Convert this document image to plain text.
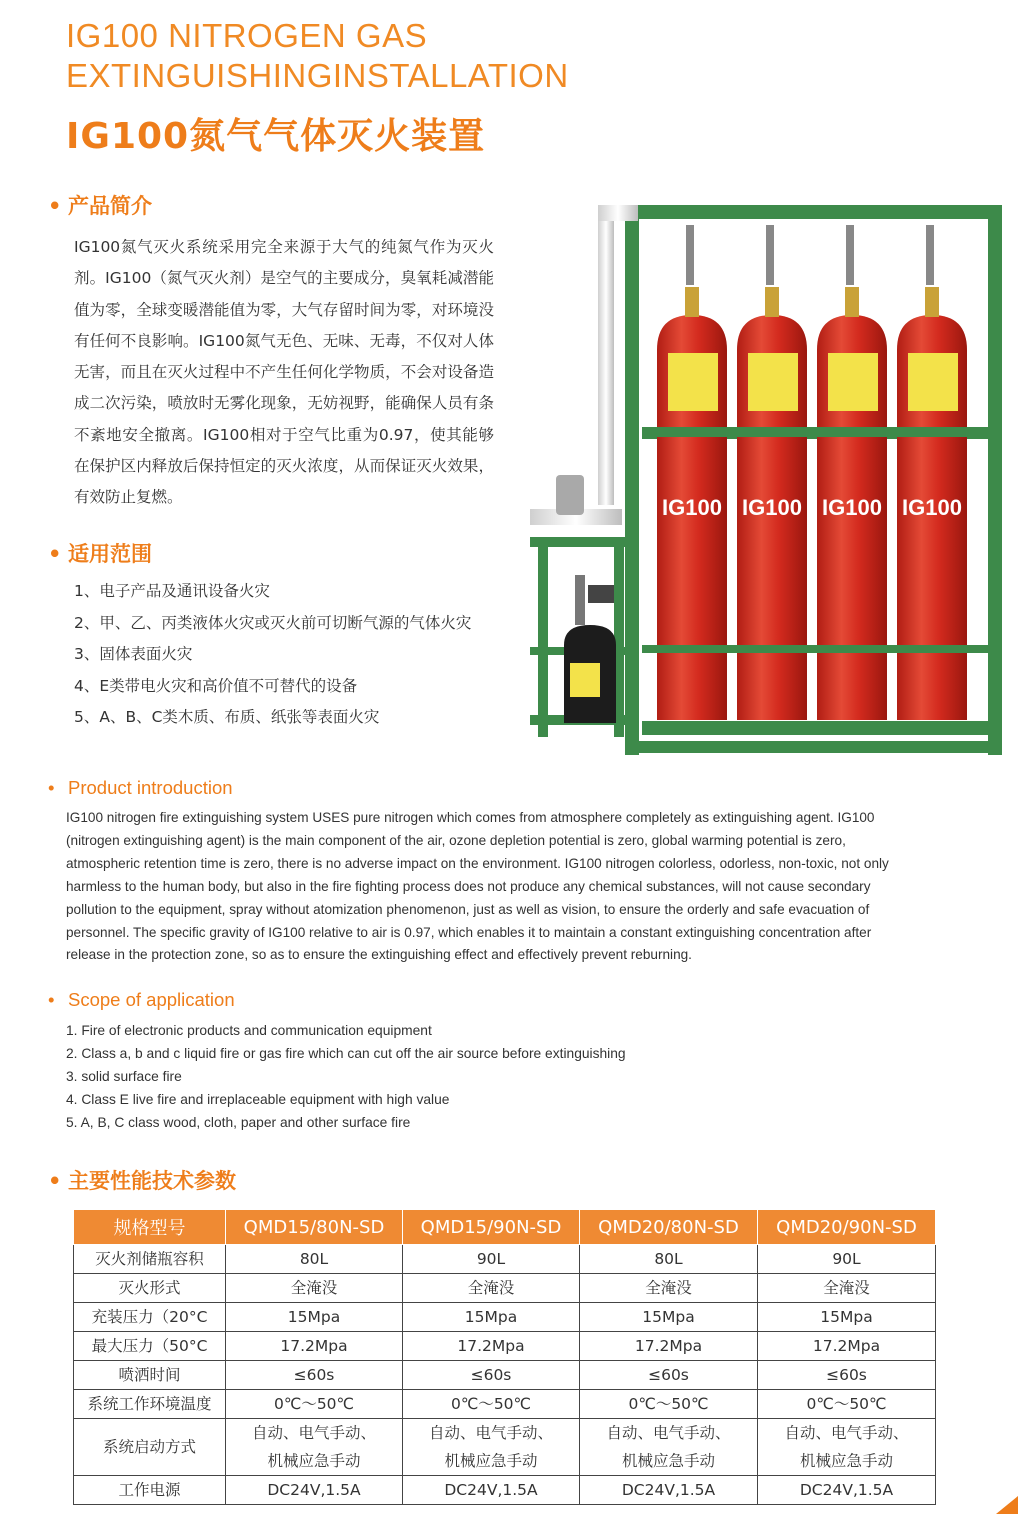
IG100 NITROGEN GAS
EXTINGUISHINGINSTALLATION
IG100氮气气体灭火装置
• 产品简介
IG100氮气灭火系统采用完全来源于大气的纯氮气作为灭火剂。IG100（氮气灭火剂）是空气的主要成分，臭氧耗减潜能值为零，全球变暖潜能值为零，大气存留时间为零，对环境没有任何不良影响。IG100氮气无色、无味、无毒，不仅对人体无害，而且在灭火过程中不产生任何化学物质，不会对设备造成二次污染，喷放时无雾化现象，无妨视野，能确保人员有条不紊地安全撤离。IG100相对于空气比重为0.97，使其能够在保护区内释放后保持恒定的灭火浓度，从而保证灭火效果，有效防止复燃。
• 适用范围
1、电子产品及通讯设备火灾
2、甲、乙、丙类液体火灾或灭火前可切断气源的气体火灾
3、固体表面火灾
4、E类带电火灾和高价值不可替代的设备
5、A、B、C类木质、布质、纸张等表面火灾
IG100 IG100 IG100 IG100
• Product introduction
IG100 nitrogen fire extinguishing system USES pure nitrogen which comes from atmosphere completely as extinguishing agent. IG100 (nitrogen extinguishing agent) is the main component of the air, ozone depletion potential is zero, global warming potential is zero, atmospheric retention time is zero, there is no adverse impact on the environment. IG100 nitrogen colorless, odorless, non-toxic, not only harmless to the human body, but also in the fire fighting process does not produce any chemical substances, will not cause secondary pollution to the equipment, spray without atomization phenomenon, just as well as vision, to ensure the orderly and safe evacuation of personnel. The specific gravity of IG100 relative to air is 0.97, which enables it to maintain a constant extinguishing concentration after release in the protection zone, so as to ensure the extinguishing effect and effectively prevent reburning.
• Scope of application
1. Fire of electronic products and communication equipment
2. Class a, b and c liquid fire or gas fire which can cut off the air source before extinguishing
3. solid surface fire
4. Class E live fire and irreplaceable equipment with high value
5. A, B, C class wood, cloth, paper and other surface fire
• 主要性能技术参数
规格型号	QMD15/80N-SD	QMD15/90N-SD	QMD20/80N-SD	QMD20/90N-SD
灭火剂储瓶容积	80L	90L	80L	90L
灭火形式	全淹没	全淹没	全淹没	全淹没
充装压力（20°C	15Mpa	15Mpa	15Mpa	15Mpa
最大压力（50°C	17.2Mpa	17.2Mpa	17.2Mpa	17.2Mpa
喷洒时间	≤60s	≤60s	≤60s	≤60s
系统工作环境温度	0℃～50℃	0℃～50℃	0℃～50℃	0℃～50℃
系统启动方式	自动、电气手动、机械应急手动	自动、电气手动、机械应急手动	自动、电气手动、机械应急手动	自动、电气手动、机械应急手动
工作电源	DC24V,1.5A	DC24V,1.5A	DC24V,1.5A	DC24V,1.5A
